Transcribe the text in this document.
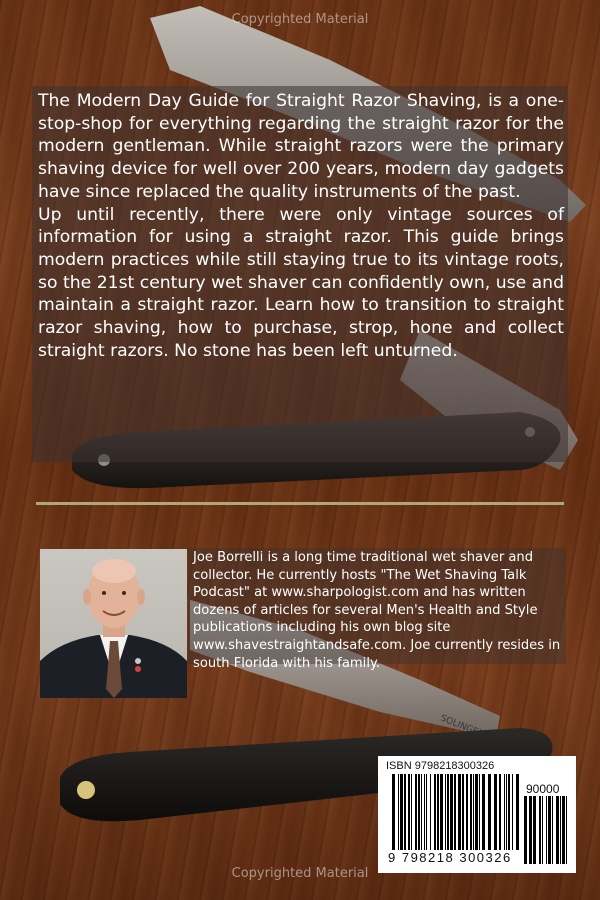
Copyrighted Material

The Modern Day Guide for Straight Razor Shaving, is a one-stop-shop for everything regarding the straight razor for the modern gentleman. While straight razors were the primary shaving device for well over 200 years, modern day gadgets have since replaced the quality instruments of the past.

Up until recently, there were only vintage sources of information for using a straight razor. This guide brings modern practices while still staying true to its vintage roots, so the 21st century wet shaver can confidently own, use and maintain a straight razor. Learn how to transition to straight razor shaving, how to purchase, strop, hone and collect straight razors. No stone has been left unturned.

Joe Borrelli is a long time traditional wet shaver and collector. He currently hosts "The Wet Shaving Talk Podcast" at www.sharpologist.com and has written dozens of articles for several Men's Health and Style publications including his own blog site www.shavestraightandsafe.com. Joe currently resides in south Florida with his family.
ISBN 9798218300326
90000
9 798218 300326
Copyrighted Material
